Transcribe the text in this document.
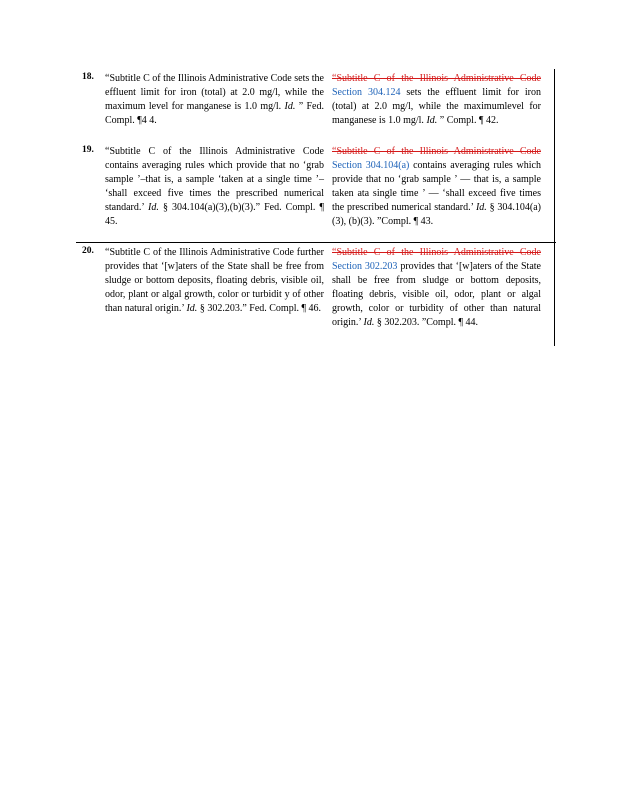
18. “Subtitle C of the Illinois Administrative Code sets the effluent limit for iron (total) at 2.0 mg/l, while the maximum level for manganese is 1.0 mg/l. Id. ” Fed. Compl. ¶4 4.
“Subtitle C of the Illinois Administrative Code Section 304.124 sets the effluent limit for iron (total) at 2.0 mg/l, while the maximumlevel for manganese is 1.0 mg/l. Id. ” Compl. ¶ 42.
19. “Subtitle C of the Illinois Administrative Code contains averaging rules which provide that no ‘grab sample ’–that is, a sample ‘taken at a single time ’– ‘shall exceed five times the prescribed numerical standard.’ Id. § 304.104(a)(3),(b)(3).” Fed. Compl. ¶ 45.
“Subtitle C of the Illinois Administrative Code Section 304.104(a) contains averaging rules which provide that no ‘grab sample ’ — that is, a sample taken ata single time ’ — ‘shall exceed five times the prescribed numerical standard.’ Id. § 304.104(a)(3), (b)(3). ”Compl. ¶ 43.
20. “Subtitle C of the Illinois Administrative Code further provides that ‘[w]aters of the State shall be free from sludge or bottom deposits, floating debris, visible oil, odor, plant or algal growth, color or turbidit y of other than natural origin.’ Id. § 302.203.” Fed. Compl. ¶ 46.
“Subtitle C of the Illinois Administrative Code Section 302.203 provides that ‘[w]aters of the State shall be free from sludge or bottom deposits, floating debris, visible oil, odor, plant or algal growth, color or turbidity of other than natural origin.’ Id. § 302.203. ”Compl. ¶ 44.
